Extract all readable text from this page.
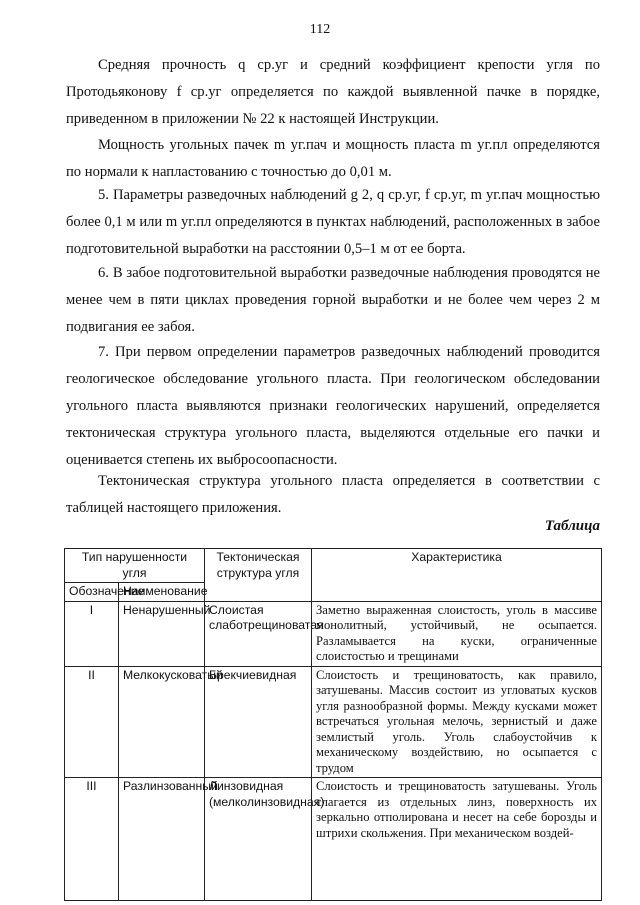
112

Средняя прочность q ср.уг и средний коэффициент крепости угля по Протодьяконову f ср.уг определяется по каждой выявленной пачке в порядке, приведенном в приложении № 22 к настоящей Инструкции.

Мощность угольных пачек m уг.пач и мощность пласта m уг.пл определяются по нормали к напластованию с точностью до 0,01 м.

5. Параметры разведочных наблюдений g 2, q ср.уг, f ср.уг, m уг.пач мощностью более 0,1 м или m уг.пл определяются в пунктах наблюдений, расположенных в забое подготовительной выработки на расстоянии 0,5–1 м от ее борта.

6. В забое подготовительной выработки разведочные наблюдения проводятся не менее чем в пяти циклах проведения горной выработки и не более чем через 2 м подвигания ее забоя.

7. При первом определении параметров разведочных наблюдений проводится геологическое обследование угольного пласта. При геологическом обследовании угольного пласта выявляются признаки геологических нарушений, определяется тектоническая структура угольного пласта, выделяются отдельные его пачки и оценивается степень их выбросоопасности.

Тектоническая структура угольного пласта определяется в соответствии с таблицей настоящего приложения.

Таблица
Тип нарушенности угля		Тектоническая структура угля	Характеристика
Обозначение	Наименование		
I	Ненарушенный	Слоистая слаботрещиноватая	Заметно выраженная слоистость, уголь в массиве монолитный, устойчивый, не осыпается. Разламывается на куски, ограниченные слоистостью и трещинами
II	Мелкокусковатый	Брекчиевидная	Слоистость и трещиноватость, как правило, затушеваны. Массив состоит из угловатых кусков угля разнообразной формы. Между кусками может встречаться угольная мелочь, зернистый и даже землистый уголь. Уголь слабоустойчив к механическому воздействию, но осыпается с трудом
III	Разлинзованный	Линзовидная (мелколинзовидная)	Слоистость и трещиноватость затушеваны. Уголь слагается из отдельных линз, поверхность их зеркально отполирована и несет на себе борозды и штрихи скольжения. При механическом воздей-
